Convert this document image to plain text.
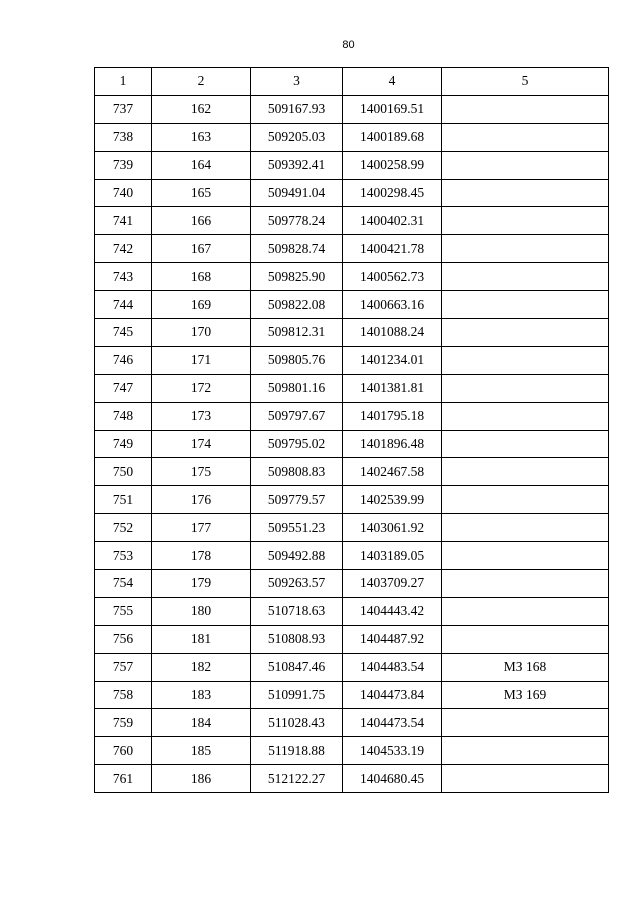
80
1	2	3	4	5
737	162	509167.93	1400169.51	
738	163	509205.03	1400189.68	
739	164	509392.41	1400258.99	
740	165	509491.04	1400298.45	
741	166	509778.24	1400402.31	
742	167	509828.74	1400421.78	
743	168	509825.90	1400562.73	
744	169	509822.08	1400663.16	
745	170	509812.31	1401088.24	
746	171	509805.76	1401234.01	
747	172	509801.16	1401381.81	
748	173	509797.67	1401795.18	
749	174	509795.02	1401896.48	
750	175	509808.83	1402467.58	
751	176	509779.57	1402539.99	
752	177	509551.23	1403061.92	
753	178	509492.88	1403189.05	
754	179	509263.57	1403709.27	
755	180	510718.63	1404443.42	
756	181	510808.93	1404487.92	
757	182	510847.46	1404483.54	МЗ 168
758	183	510991.75	1404473.84	МЗ 169
759	184	511028.43	1404473.54	
760	185	511918.88	1404533.19	
761	186	512122.27	1404680.45	
